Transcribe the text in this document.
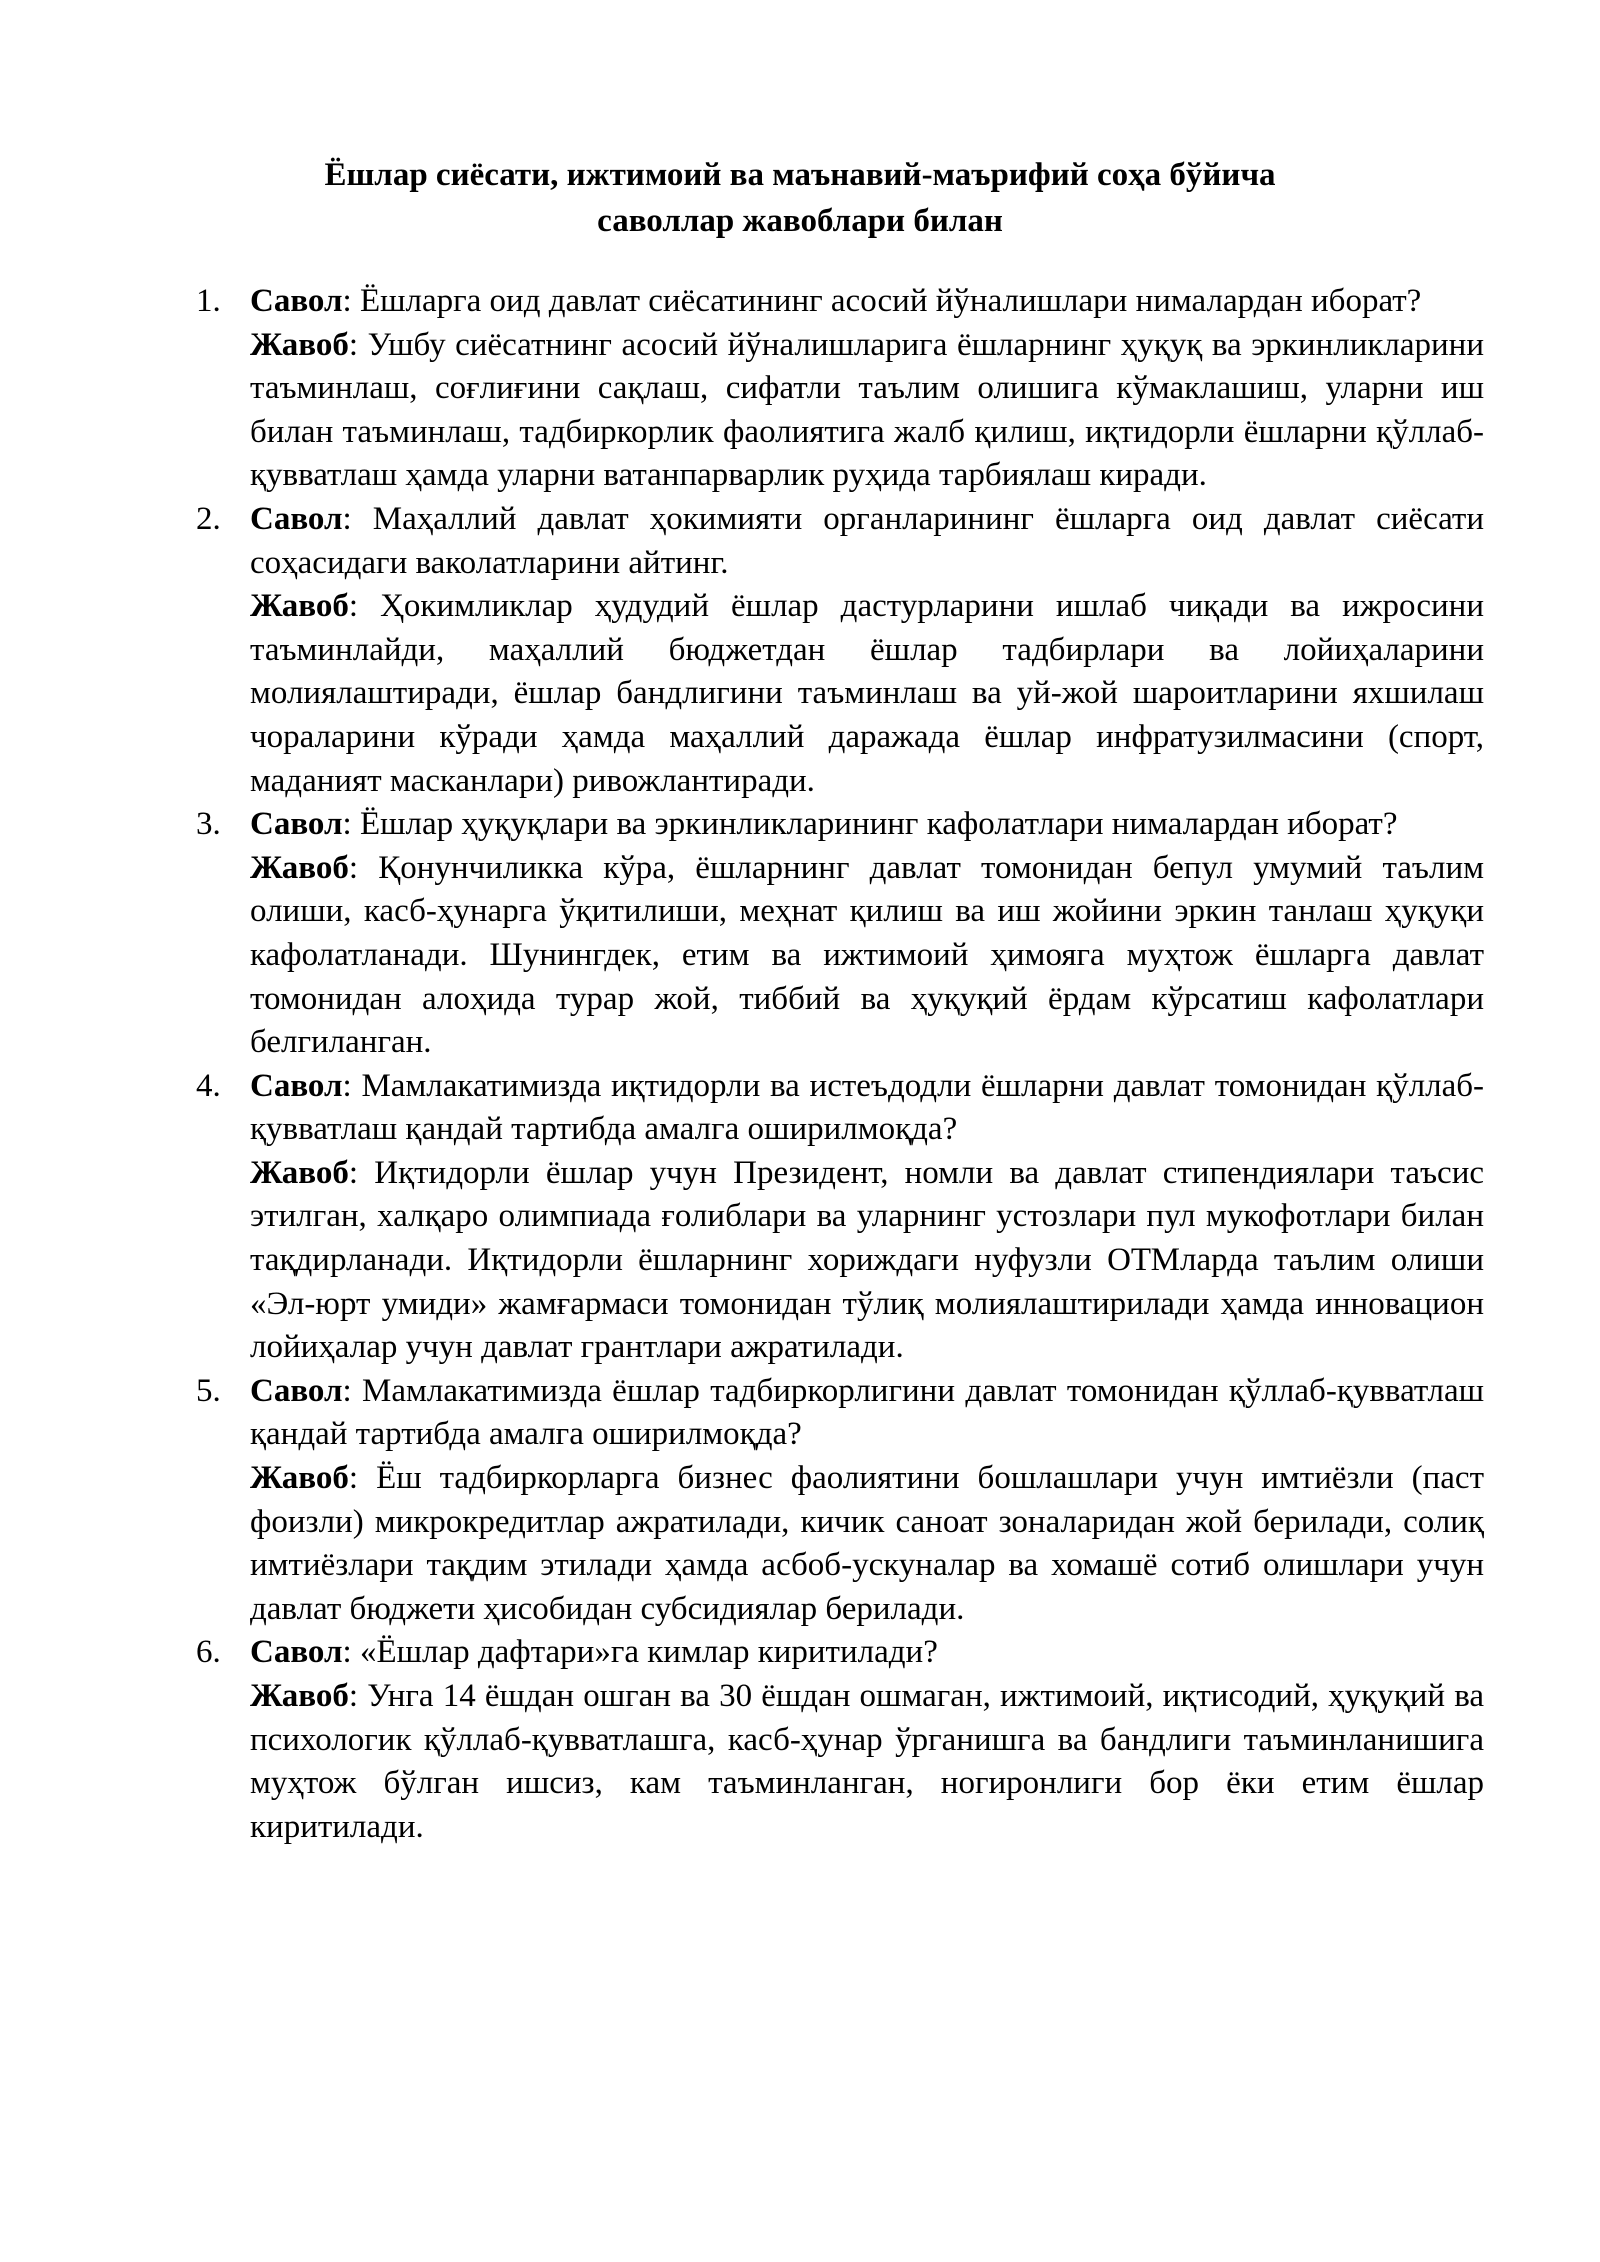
Ёшлар сиёсати, ижтимоий ва маънавий-маърифий соҳа бўйича
саволлар жавоблари билан
1. Савол: Ёшларга оид давлат сиёсатининг асосий йўналишлари нималардан иборат?

Жавоб: Ушбу сиёсатнинг асосий йўналишларига ёшларнинг ҳуқуқ ва эркинликларини таъминлаш, соғлиғини сақлаш, сифатли таълим олишига кўмаклашиш, уларни иш билан таъминлаш, тадбиркорлик фаолиятига жалб қилиш, иқтидорли ёшларни қўллаб-қувватлаш ҳамда уларни ватанпарварлик руҳида тарбиялаш киради.

2. Савол: Маҳаллий давлат ҳокимияти органларининг ёшларга оид давлат сиёсати соҳасидаги ваколатларини айтинг.

Жавоб: Ҳокимликлар ҳудудий ёшлар дастурларини ишлаб чиқади ва ижросини таъминлайди, маҳаллий бюджетдан ёшлар тадбирлари ва лойиҳаларини молиялаштиради, ёшлар бандлигини таъминлаш ва уй-жой шароитларини яхшилаш чораларини кўради ҳамда маҳаллий даражада ёшлар инфратузилмасини (спорт, маданият масканлари) ривожлантиради.

3. Савол: Ёшлар ҳуқуқлари ва эркинликларининг кафолатлари нималардан иборат?

Жавоб: Қонунчиликка кўра, ёшларнинг давлат томонидан бепул умумий таълим олиши, касб-ҳунарга ўқитилиши, меҳнат қилиш ва иш жойини эркин танлаш ҳуқуқи кафолатланади. Шунингдек, етим ва ижтимоий ҳимояга муҳтож ёшларга давлат томонидан алоҳида турар жой, тиббий ва ҳуқуқий ёрдам кўрсатиш кафолатлари белгиланган.

4. Савол: Мамлакатимизда иқтидорли ва истеъдодли ёшларни давлат томонидан қўллаб-қувватлаш қандай тартибда амалга оширилмоқда?

Жавоб: Иқтидорли ёшлар учун Президент, номли ва давлат стипендиялари таъсис этилган, халқаро олимпиада ғолиблари ва уларнинг устозлари пул мукофотлари билан тақдирланади. Иқтидорли ёшларнинг хориждаги нуфузли ОТМларда таълим олиши «Эл-юрт умиди» жамғармаси томонидан тўлиқ молиялаштирилади ҳамда инновацион лойиҳалар учун давлат грантлари ажратилади.

5. Савол: Мамлакатимизда ёшлар тадбиркорлигини давлат томонидан қўллаб-қувватлаш қандай тартибда амалга оширилмоқда?

Жавоб: Ёш тадбиркорларга бизнес фаолиятини бошлашлари учун имтиёзли (паст фоизли) микрокредитлар ажратилади, кичик саноат зоналаридан жой берилади, солиқ имтиёзлари тақдим этилади ҳамда асбоб-ускуналар ва хомашё сотиб олишлари учун давлат бюджети ҳисобидан субсидиялар берилади.

6. Савол: «Ёшлар дафтари»га кимлар киритилади?

Жавоб: Унга 14 ёшдан ошган ва 30 ёшдан ошмаган, ижтимоий, иқтисодий, ҳуқуқий ва психологик қўллаб-қувватлашга, касб-ҳунар ўрганишга ва бандлиги таъминланишига муҳтож бўлган ишсиз, кам таъминланган, ногиронлиги бор ёки етим ёшлар киритилади.
